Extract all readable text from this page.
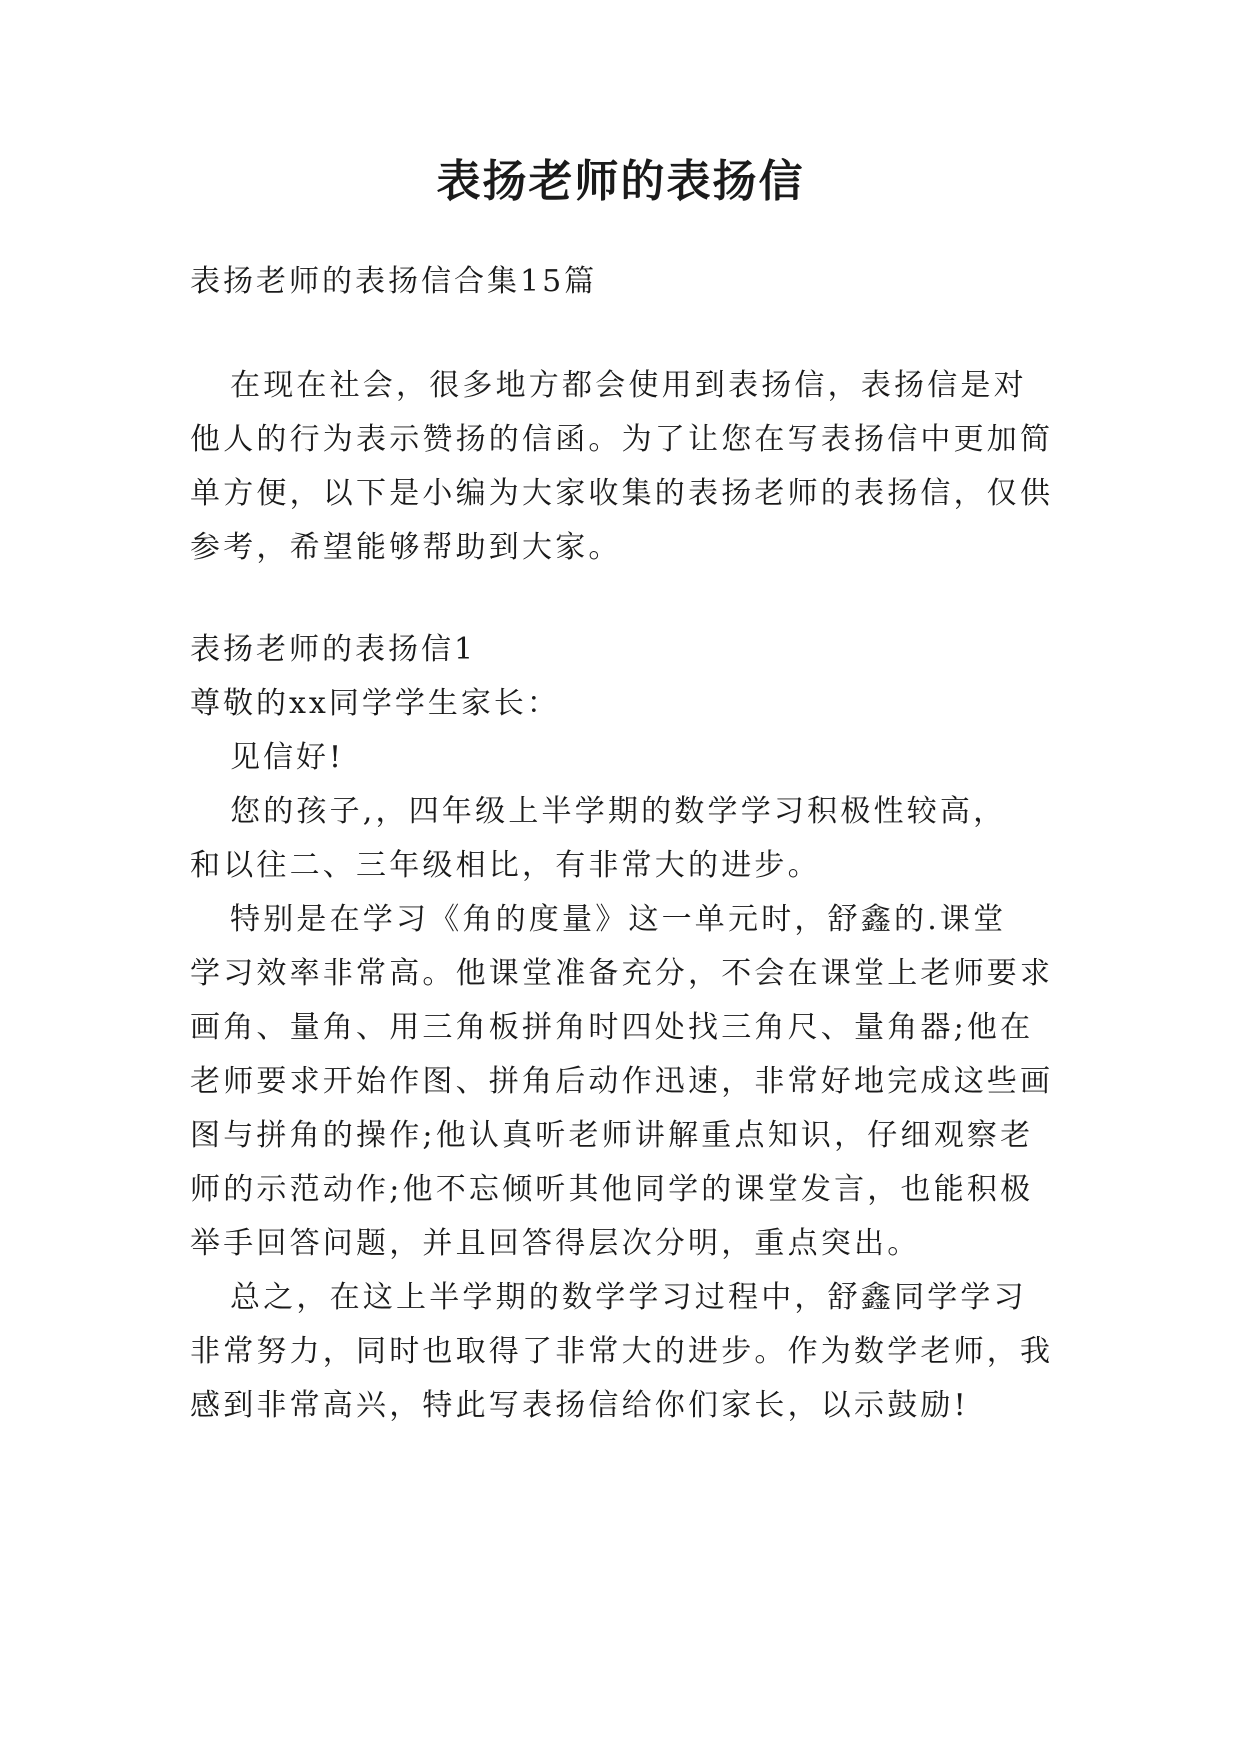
表扬老师的表扬信
表扬老师的表扬信合集15篇
在现在社会，很多地方都会使用到表扬信，表扬信是对
他人的行为表示赞扬的信函。为了让您在写表扬信中更加简
单方便，以下是小编为大家收集的表扬老师的表扬信，仅供
参考，希望能够帮助到大家。
表扬老师的表扬信1
尊敬的xx同学学生家长：
见信好!
您的孩子,，四年级上半学期的数学学习积极性较高，
和以往二、三年级相比，有非常大的进步。
特别是在学习《角的度量》这一单元时，舒鑫的.课堂
学习效率非常高。他课堂准备充分，不会在课堂上老师要求
画角、量角、用三角板拼角时四处找三角尺、量角器;他在
老师要求开始作图、拼角后动作迅速，非常好地完成这些画
图与拼角的操作;他认真听老师讲解重点知识，仔细观察老
师的示范动作;他不忘倾听其他同学的课堂发言，也能积极
举手回答问题，并且回答得层次分明，重点突出。
总之，在这上半学期的数学学习过程中，舒鑫同学学习
非常努力，同时也取得了非常大的进步。作为数学老师，我
感到非常高兴，特此写表扬信给你们家长，以示鼓励!
